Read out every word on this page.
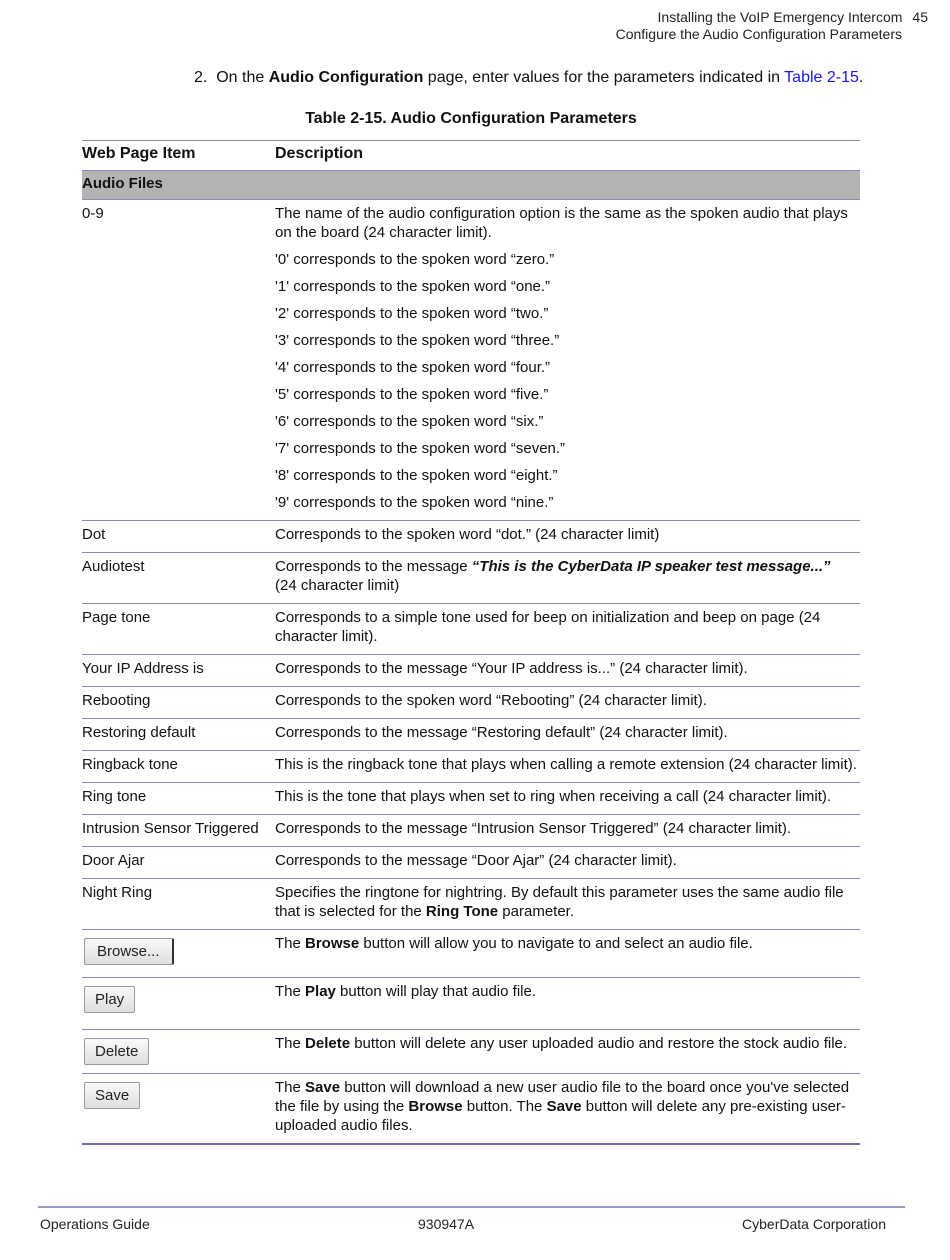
Installing the VoIP Emergency Intercom 45
Configure the Audio Configuration Parameters
2. On the Audio Configuration page, enter values for the parameters indicated in Table 2-15.
Table 2-15. Audio Configuration Parameters
Web Page Item	Description
Audio Files	
0-9	The name of the audio configuration option is the same as the spoken audio that plays on the board (24 character limit).
'0' corresponds to the spoken word “zero.”
'1' corresponds to the spoken word “one.”
'2' corresponds to the spoken word “two.”
'3' corresponds to the spoken word “three.”
'4' corresponds to the spoken word “four.”
'5' corresponds to the spoken word “five.”
'6' corresponds to the spoken word “six.”
'7' corresponds to the spoken word “seven.”
'8' corresponds to the spoken word “eight.”
'9' corresponds to the spoken word “nine.”

Dot	Corresponds to the spoken word “dot.” (24 character limit)
Audiotest	Corresponds to the message “This is the CyberData IP speaker test message...”
(24 character limit)
Page tone	Corresponds to a simple tone used for beep on initialization and beep on page (24 character limit).
Your IP Address is	Corresponds to the message “Your IP address is...” (24 character limit).
Rebooting	Corresponds to the spoken word “Rebooting” (24 character limit).
Restoring default	Corresponds to the message “Restoring default” (24 character limit).
Ringback tone	This is the ringback tone that plays when calling a remote extension (24 character limit).
Ring tone	This is the tone that plays when set to ring when receiving a call (24 character limit).
Intrusion Sensor Triggered	Corresponds to the message “Intrusion Sensor Triggered” (24 character limit).
Door Ajar	Corresponds to the message “Door Ajar” (24 character limit).
Night Ring	Specifies the ringtone for nightring. By default this parameter uses the same audio file that is selected for the Ring Tone parameter.
Browse...	The Browse button will allow you to navigate to and select an audio file.
Play	The Play button will play that audio file.
Delete	The Delete button will delete any user uploaded audio and restore the stock audio file.
Save	The Save button will download a new user audio file to the board once you've selected the file by using the Browse button. The Save button will delete any pre-existing user-uploaded audio files.
Operations Guide	930947A	CyberData Corporation
